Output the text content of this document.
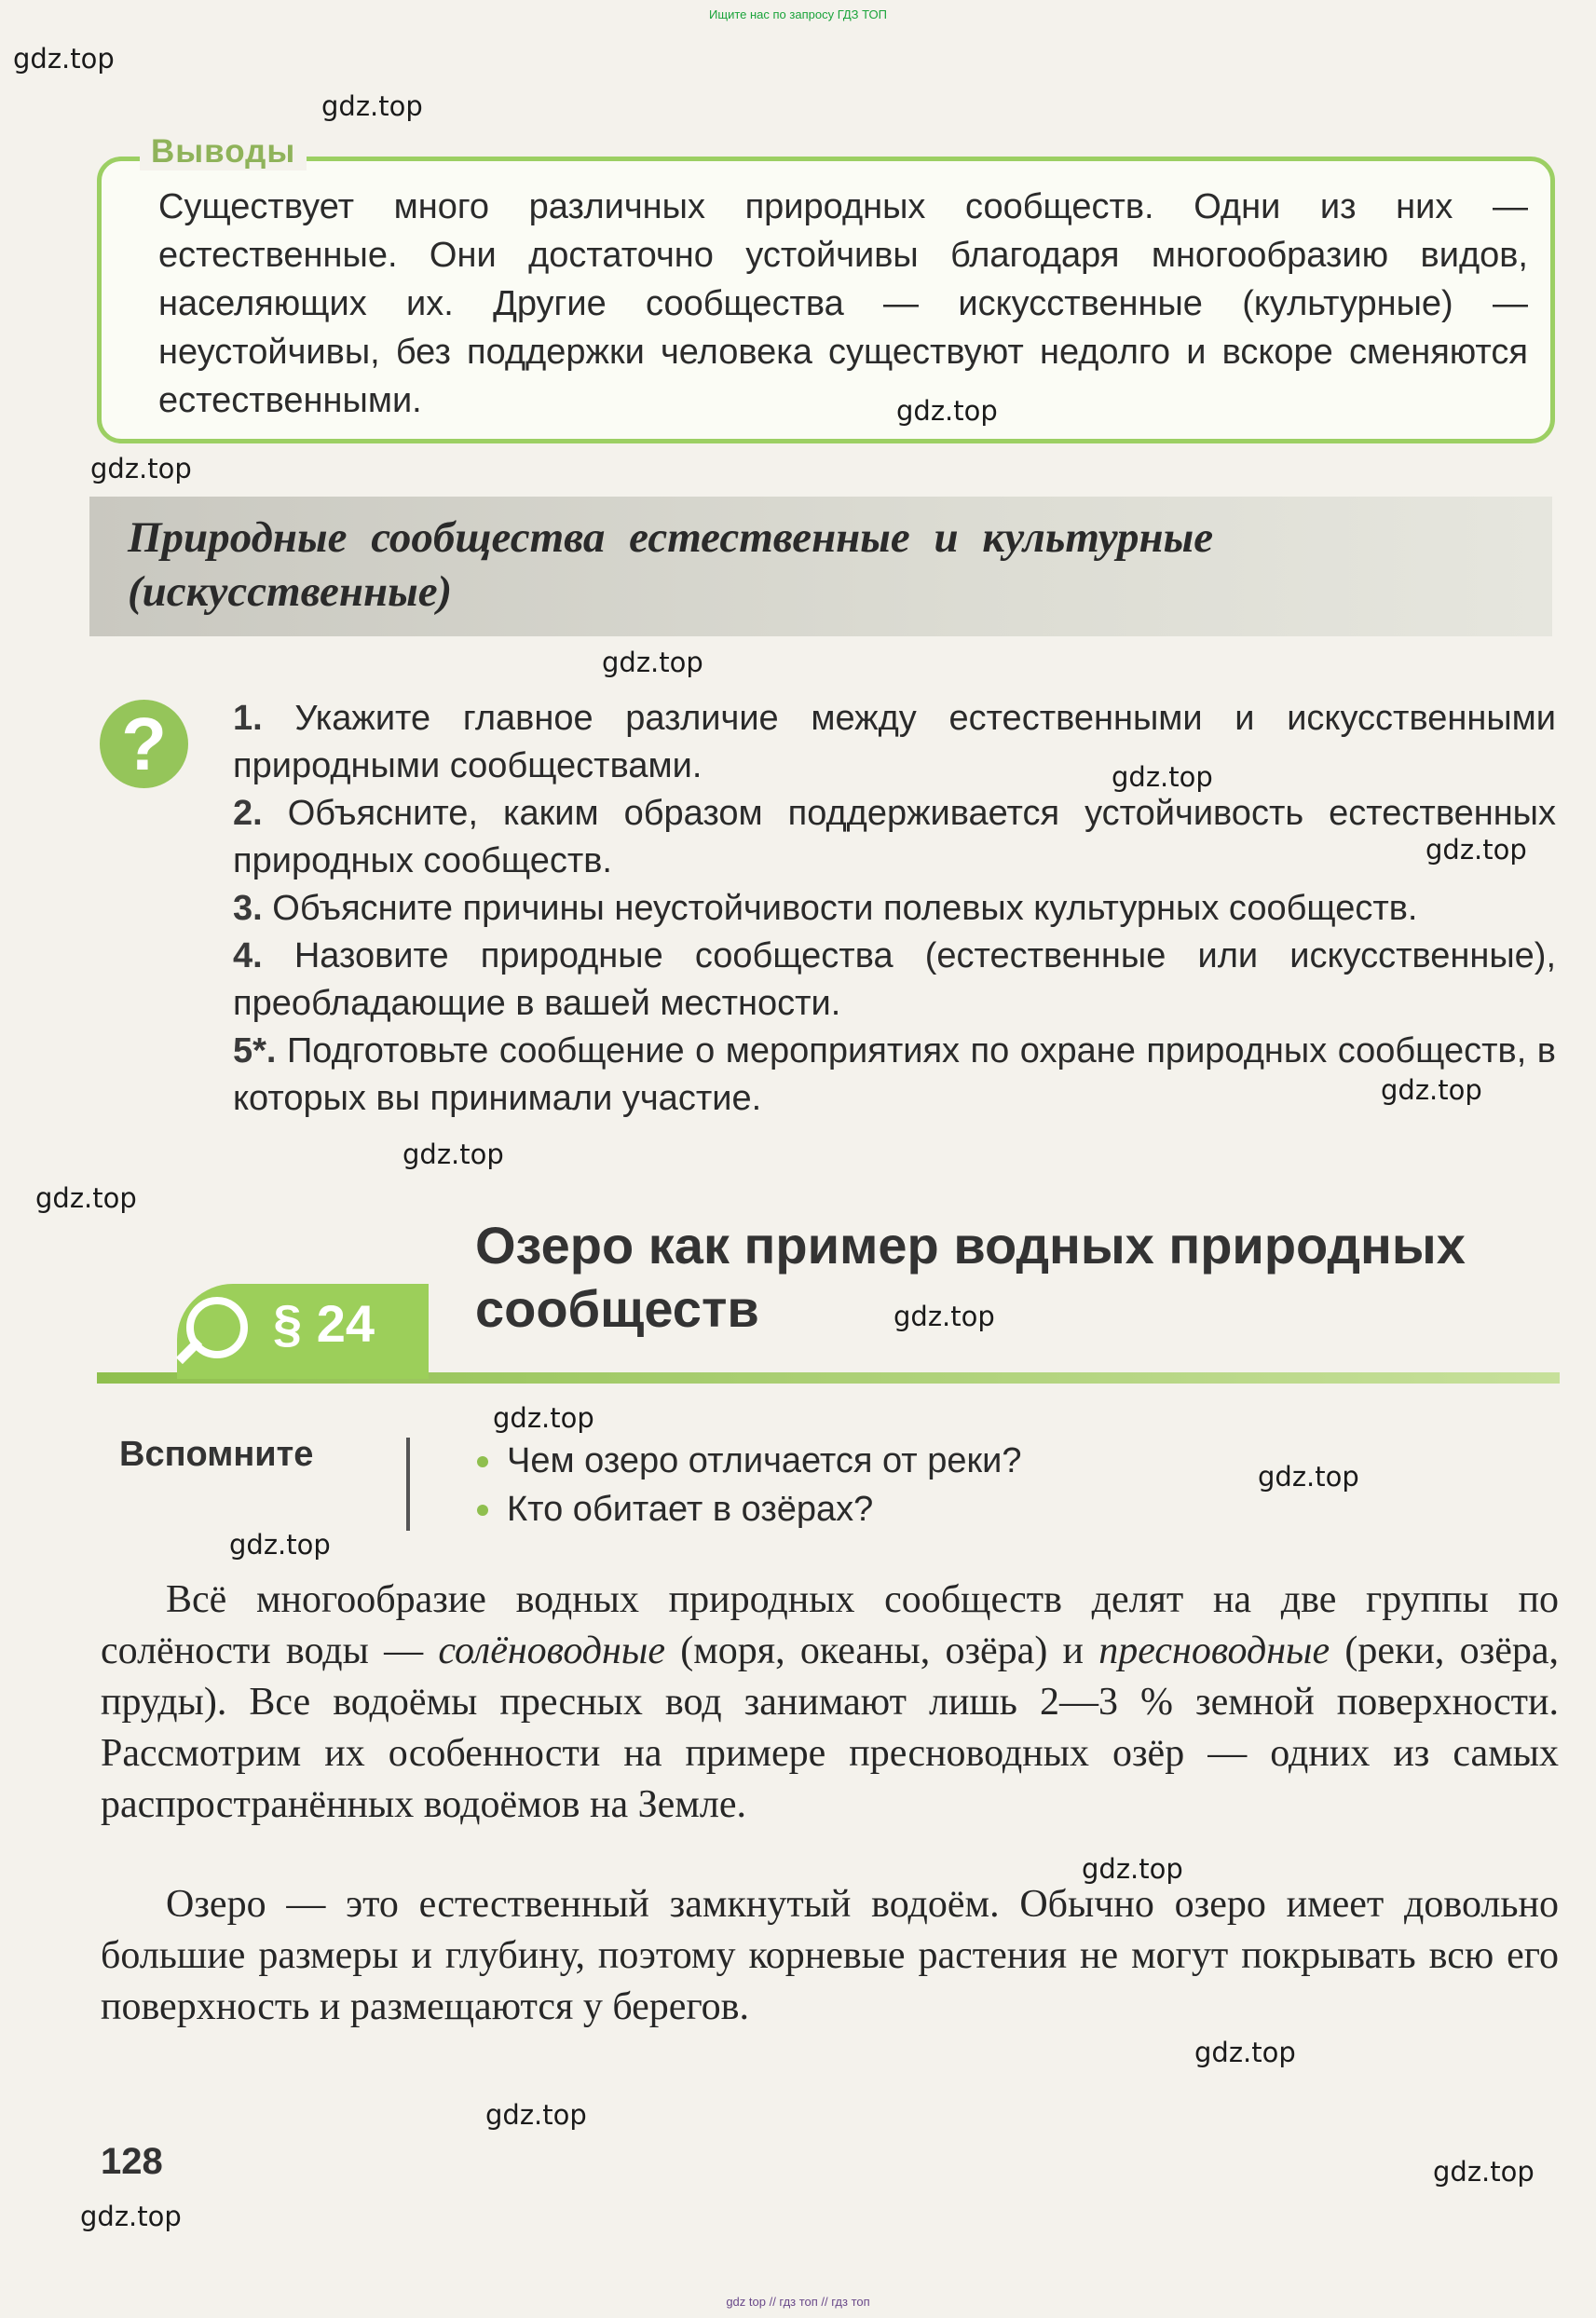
Ищите нас по запросу ГДЗ ТОП
Выводы
Существует много различных природных сообществ. Одни из них — естественные. Они достаточно устойчивы благодаря многообразию видов, населяющих их. Другие сообщества — искусственные (культурные) — неустойчивы, без поддержки человека существуют недолго и вскоре сменяются естественными.
Природные сообщества естественные и культурные (искусственные)
?	1. Укажите главное различие между естественными и искусственными природными сообществами.
2. Объясните, каким образом поддерживается устойчивость естественных природных сообществ.
3. Объясните причины неустойчивости полевых культурных сообществ.
4. Назовите природные сообщества (естественные или искусственные), преобладающие в вашей местности.
5*. Подготовьте сообщение о мероприятиях по охране природных сообществ, в которых вы принимали участие.
§ 24
Озеро как пример водных природных сообществ
Вспомните	Чем озеро отличается от реки?
Кто обитает в озёрах?
Всё многообразие водных природных сообществ делят на две группы по солёности воды — солёноводные (моря, океаны, озёра) и пресноводные (реки, озёра, пруды). Все водоёмы пресных вод занимают лишь 2—3 % земной поверхности. Рассмотрим их особенности на примере пресноводных озёр — одних из самых распространённых водоёмов на Земле.
Озеро — это естественный замкнутый водоём. Обычно озеро имеет довольно большие размеры и глубину, поэтому корневые растения не могут покрывать всю его поверхность и размещаются у берегов.
128
gdz.top
gdz.top
gdz.top
gdz.top
gdz.top
gdz.top
gdz.top
gdz.top
gdz.top
gdz.top
gdz.top
gdz.top
gdz.top
gdz.top
gdz.top
gdz.top
gdz.top
gdz.top
gdz.top
gdz top // гдз топ // гдз топ
